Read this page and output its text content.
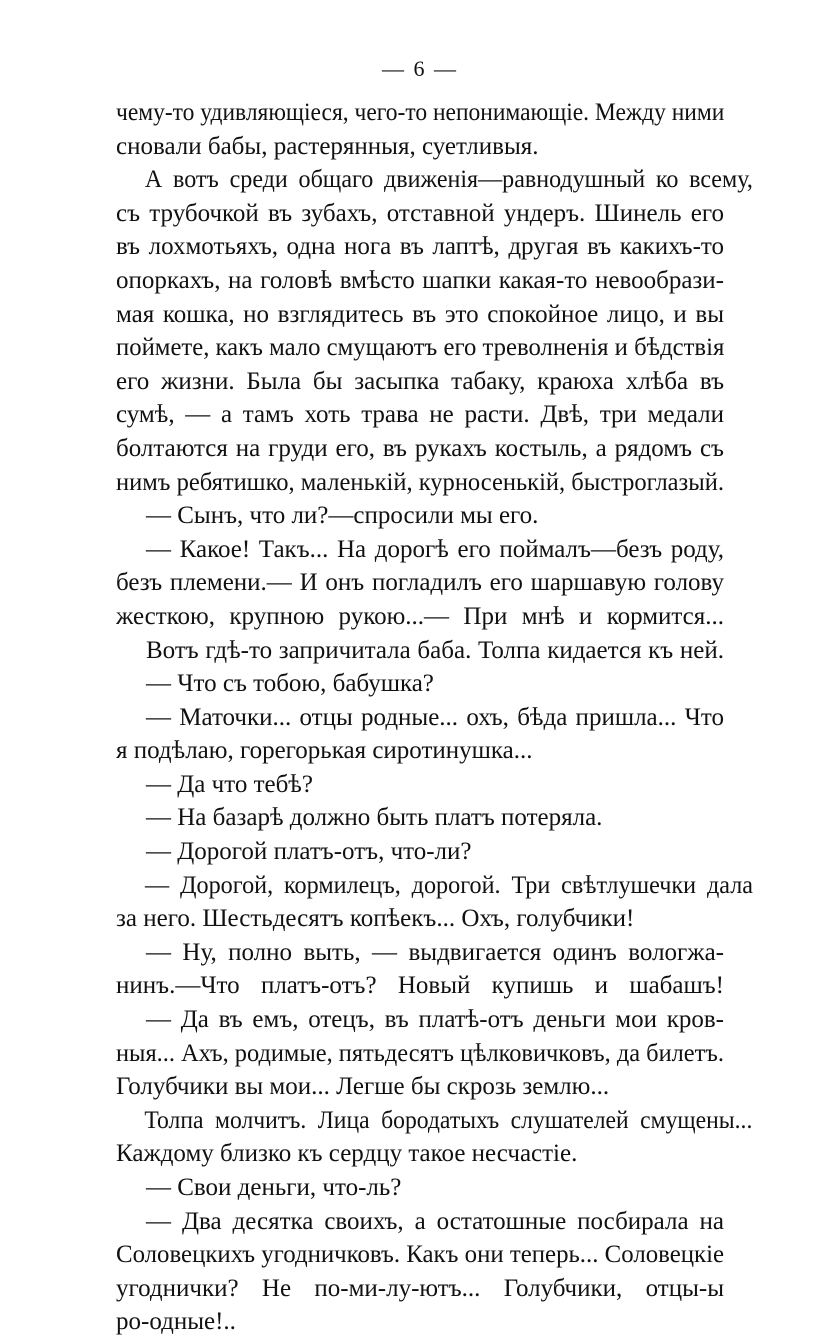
— 6 —
чему-то удивляющіеся, чего-то непонимающіе. Между ними
сновали бабы, растерянныя, суетливыя.
А вотъ среди общаго движенія—равнодушный ко всему,
съ трубочкой въ зубахъ, отставной ундеръ. Шинель его
въ лохмотьяхъ, одна нога въ лаптѣ, другая въ какихъ-то
опоркахъ, на головѣ вмѣсто шапки какая-то невообрази-
мая кошка, но взглядитесь въ это спокойное лицо, и вы
поймете, какъ мало смущаютъ его треволненія и бѣдствія
его жизни. Была бы засыпка табаку, краюха хлѣба въ
сумѣ, — а тамъ хоть трава не расти. Двѣ, три медали
болтаются на груди его, въ рукахъ костыль, а рядомъ съ
нимъ ребятишко, маленькій, курносенькій, быстроглазый.
— Сынъ, что ли?—спросили мы его.
— Какое! Такъ... На дорогѣ его поймалъ—безъ роду,
безъ племени.— И онъ погладилъ его шаршавую голову
жесткою, крупною рукою...— При мнѣ и кормится...
Вотъ гдѣ-то запричитала баба. Толпа кидается къ ней.
— Что съ тобою, бабушка?
— Маточки... отцы родные... охъ, бѣда пришла... Что
я подѣлаю, горегорькая сиротинушка...
— Да что тебѣ?
— На базарѣ должно быть платъ потеряла.
— Дорогой платъ-отъ, что-ли?
— Дорогой, кормилецъ, дорогой. Три свѣтлушечки дала
за него. Шестьдесятъ копѣекъ... Охъ, голубчики!
— Ну, полно выть, — выдвигается одинъ вологжа-
нинъ.—Что платъ-отъ? Новый купишь и шабашъ!
— Да въ емъ, отецъ, въ платѣ-отъ деньги мои кров-
ныя... Ахъ, родимые, пятьдесятъ цѣлковичковъ, да билетъ.
Голубчики вы мои... Легше бы скрозь землю...
Толпа молчитъ. Лица бородатыхъ слушателей смущены...
Каждому близко къ сердцу такое несчастіе.
— Свои деньги, что-ль?
— Два десятка своихъ, а остатошные посбирала на
Соловецкихъ угодничковъ. Какъ они теперь... Соловецкіе
угоднички? Не по-ми-лу-ютъ... Голубчики, отцы-ы
ро-одные!..
